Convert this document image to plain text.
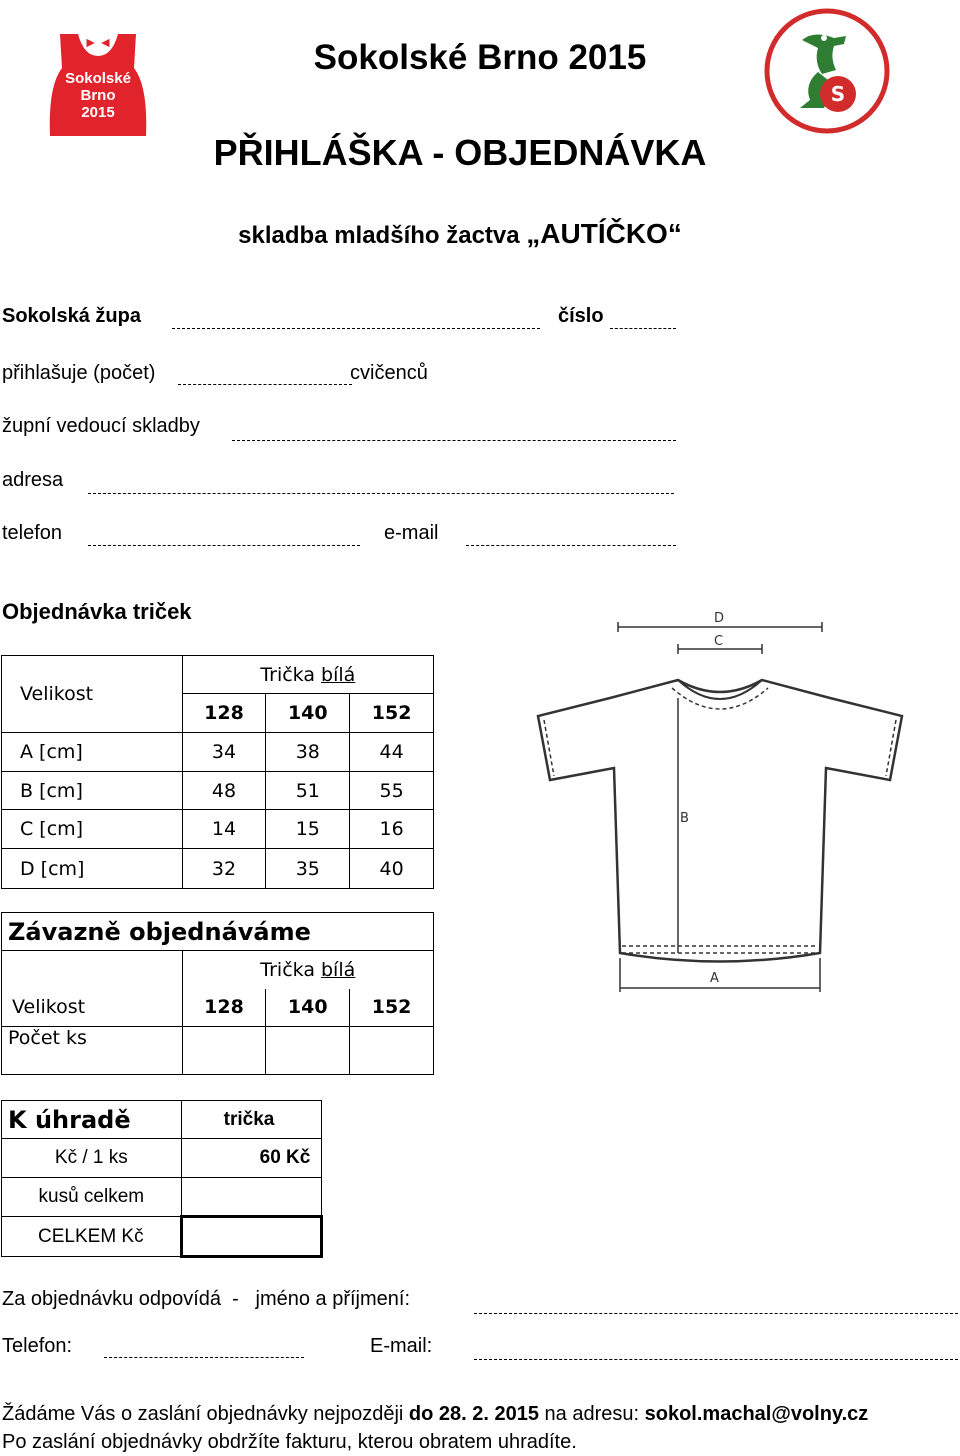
Sokolské
Brno
2015
S
Sokolské Brno 2015
PŘIHLÁŠKA - OBJEDNÁVKA
skladba mladšího žactva „AUTÍČKO“
Sokolská župa	číslo
přihlašuje (počet)	cvičenců
župní vedoucí skladby
adresa
telefon	e-mail
Objednávka triček
Velikost	Trička bílá		
	128	140	152
A [cm]	34	38	44
B [cm]	48	51	55
C [cm]	14	15	16
D [cm]	32	35	40
Závazně objednáváme			
	Trička bílá		
Velikost	128	140	152
Počet ks			
K úhradě	trička
Kč / 1 ks	60 Kč
kusů celkem	
CELKEM Kč	
D
C
B
A
Za objednávku odpovídá  -   jméno a příjmení:
Telefon:	E-mail:
Žádáme Vás o zaslání objednávky nejpozději do 28. 2. 2015 na adresu: sokol.machal@volny.cz
Po zaslání objednávky obdržíte fakturu, kterou obratem uhradíte.
